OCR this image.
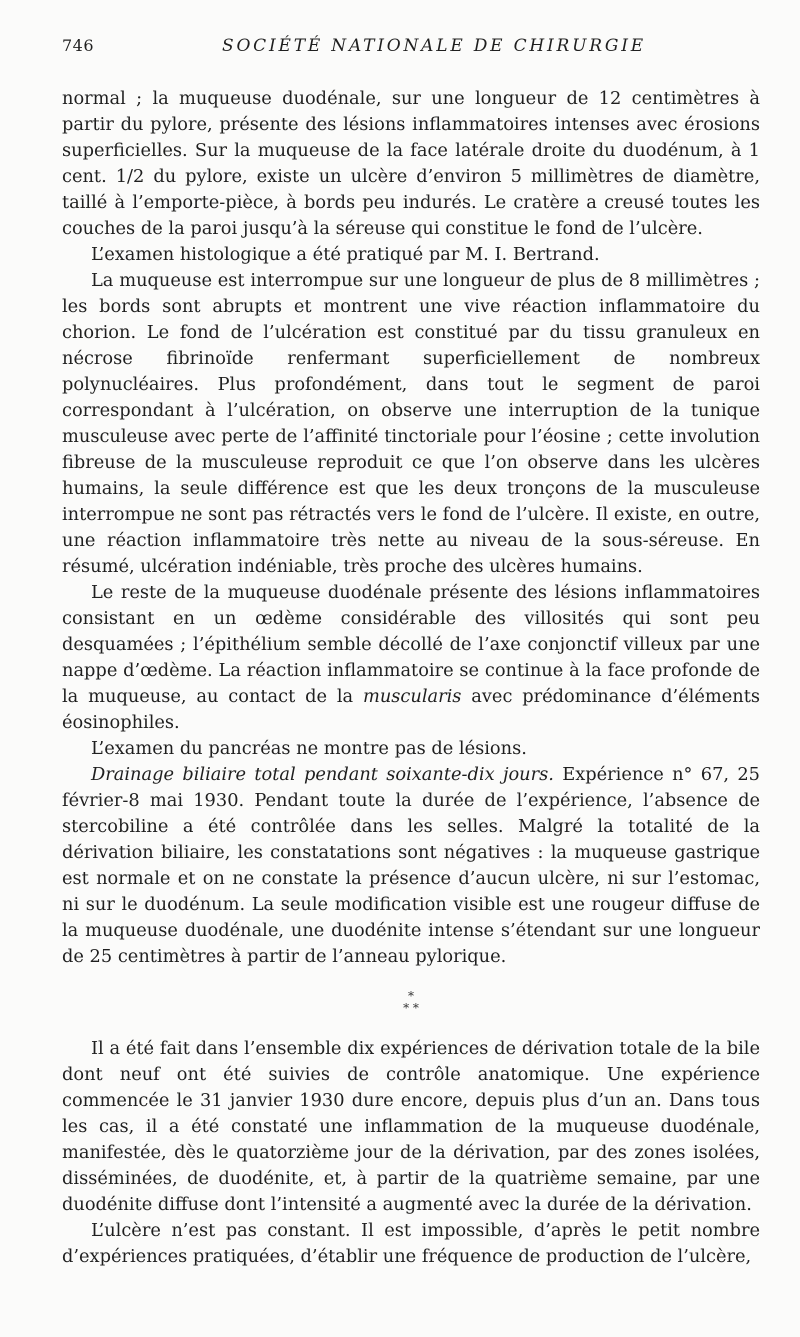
746	SOCIÉTÉ NATIONALE DE CHIRURGIE

normal ; la muqueuse duodénale, sur une longueur de 12 centimètres à partir du pylore, présente des lésions inflammatoires intenses avec érosions superficielles. Sur la muqueuse de la face latérale droite du duodénum, à 1 cent. 1/2 du pylore, existe un ulcère d’environ 5 millimètres de diamètre, taillé à l’emporte-pièce, à bords peu indurés. Le cratère a creusé toutes les couches de la paroi jusqu’à la séreuse qui constitue le fond de l’ulcère.

L’examen histologique a été pratiqué par M. I. Bertrand.

La muqueuse est interrompue sur une longueur de plus de 8 millimètres ; les bords sont abrupts et montrent une vive réaction inflammatoire du chorion. Le fond de l’ulcération est constitué par du tissu granuleux en nécrose fibrinoïde renfermant superficiellement de nombreux polynucléaires. Plus profondément, dans tout le segment de paroi correspondant à l’ulcération, on observe une interruption de la tunique musculeuse avec perte de l’affinité tinctoriale pour l’éosine ; cette involution fibreuse de la musculeuse reproduit ce que l’on observe dans les ulcères humains, la seule différence est que les deux tronçons de la musculeuse interrompue ne sont pas rétractés vers le fond de l’ulcère. Il existe, en outre, une réaction inflammatoire très nette au niveau de la sous-séreuse. En résumé, ulcération indéniable, très proche des ulcères humains.

Le reste de la muqueuse duodénale présente des lésions inflammatoires consistant en un œdème considérable des villosités qui sont peu desquamées ; l’épithélium semble décollé de l’axe conjonctif villeux par une nappe d’œdème. La réaction inflammatoire se continue à la face profonde de la muqueuse, au contact de la muscularis avec prédominance d’éléments éosinophiles.

L’examen du pancréas ne montre pas de lésions.

Drainage biliaire total pendant soixante-dix jours. Expérience n° 67, 25 février-8 mai 1930. Pendant toute la durée de l’expérience, l’absence de stercobiline a été contrôlée dans les selles. Malgré la totalité de la dérivation biliaire, les constatations sont négatives : la muqueuse gastrique est normale et on ne constate la présence d’aucun ulcère, ni sur l’estomac, ni sur le duodénum. La seule modification visible est une rougeur diffuse de la muqueuse duodénale, une duodénite intense s’étendant sur une longueur de 25 centimètres à partir de l’anneau pylorique.

*
* *

Il a été fait dans l’ensemble dix expériences de dérivation totale de la bile dont neuf ont été suivies de contrôle anatomique. Une expérience commencée le 31 janvier 1930 dure encore, depuis plus d’un an. Dans tous les cas, il a été constaté une inflammation de la muqueuse duodénale, manifestée, dès le quatorzième jour de la dérivation, par des zones isolées, disséminées, de duodénite, et, à partir de la quatrième semaine, par une duodénite diffuse dont l’intensité a augmenté avec la durée de la dérivation.

L’ulcère n’est pas constant. Il est impossible, d’après le petit nombre d’expériences pratiquées, d’établir une fréquence de production de l’ulcère,
